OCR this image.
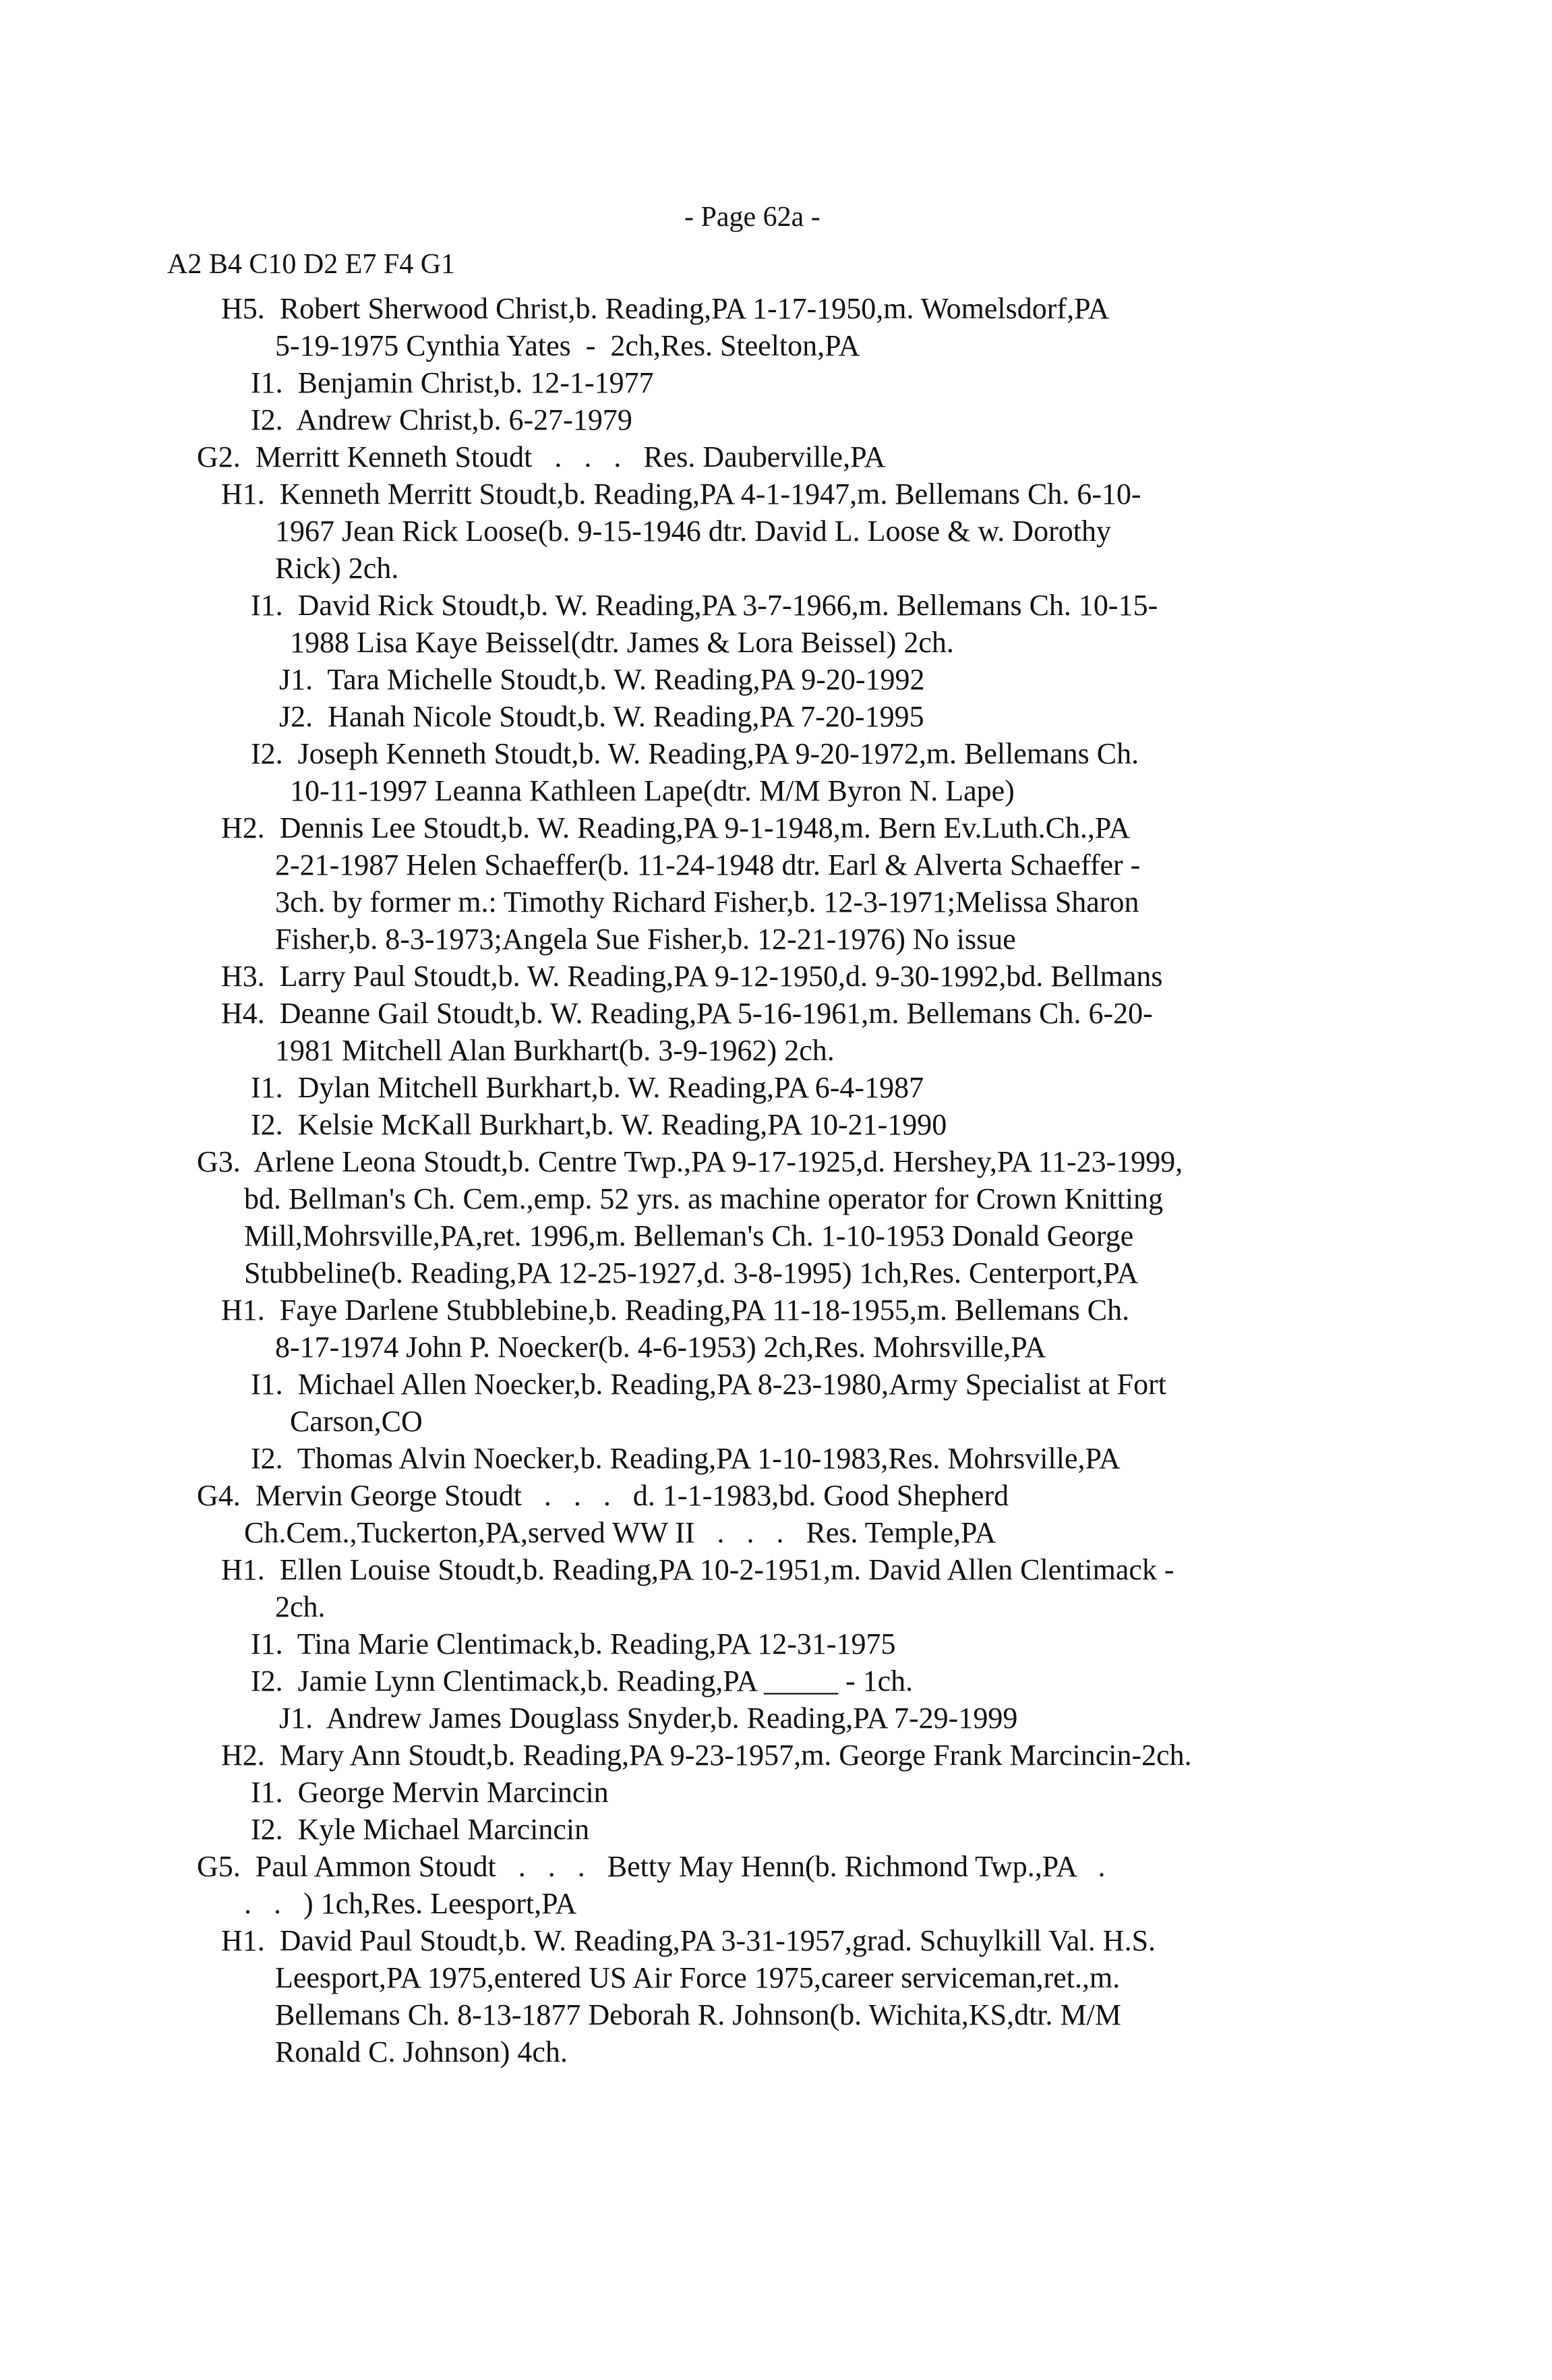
- Page 62a -
A2 B4 C10 D2 E7 F4 G1
H5.  Robert Sherwood Christ,b. Reading,PA 1-17-1950,m. Womelsdorf,PA
5-19-1975 Cynthia Yates  -  2ch,Res. Steelton,PA
I1.  Benjamin Christ,b. 12-1-1977
I2.  Andrew Christ,b. 6-27-1979
G2.  Merritt Kenneth Stoudt   .   .   .   Res. Dauberville,PA
H1.  Kenneth Merritt Stoudt,b. Reading,PA 4-1-1947,m. Bellemans Ch. 6-10-
1967 Jean Rick Loose(b. 9-15-1946 dtr. David L. Loose & w. Dorothy
Rick) 2ch.
I1.  David Rick Stoudt,b. W. Reading,PA 3-7-1966,m. Bellemans Ch. 10-15-
1988 Lisa Kaye Beissel(dtr. James & Lora Beissel) 2ch.
J1.  Tara Michelle Stoudt,b. W. Reading,PA 9-20-1992
J2.  Hanah Nicole Stoudt,b. W. Reading,PA 7-20-1995
I2.  Joseph Kenneth Stoudt,b. W. Reading,PA 9-20-1972,m. Bellemans Ch.
10-11-1997 Leanna Kathleen Lape(dtr. M/M Byron N. Lape)
H2.  Dennis Lee Stoudt,b. W. Reading,PA 9-1-1948,m. Bern Ev.Luth.Ch.,PA
2-21-1987 Helen Schaeffer(b. 11-24-1948 dtr. Earl & Alverta Schaeffer -
3ch. by former m.: Timothy Richard Fisher,b. 12-3-1971;Melissa Sharon
Fisher,b. 8-3-1973;Angela Sue Fisher,b. 12-21-1976) No issue
H3.  Larry Paul Stoudt,b. W. Reading,PA 9-12-1950,d. 9-30-1992,bd. Bellmans
H4.  Deanne Gail Stoudt,b. W. Reading,PA 5-16-1961,m. Bellemans Ch. 6-20-
1981 Mitchell Alan Burkhart(b. 3-9-1962) 2ch.
I1.  Dylan Mitchell Burkhart,b. W. Reading,PA 6-4-1987
I2.  Kelsie McKall Burkhart,b. W. Reading,PA 10-21-1990
G3.  Arlene Leona Stoudt,b. Centre Twp.,PA 9-17-1925,d. Hershey,PA 11-23-1999,
bd. Bellman's Ch. Cem.,emp. 52 yrs. as machine operator for Crown Knitting
Mill,Mohrsville,PA,ret. 1996,m. Belleman's Ch. 1-10-1953 Donald George
Stubbeline(b. Reading,PA 12-25-1927,d. 3-8-1995) 1ch,Res. Centerport,PA
H1.  Faye Darlene Stubblebine,b. Reading,PA 11-18-1955,m. Bellemans Ch.
8-17-1974 John P. Noecker(b. 4-6-1953) 2ch,Res. Mohrsville,PA
I1.  Michael Allen Noecker,b. Reading,PA 8-23-1980,Army Specialist at Fort
Carson,CO
I2.  Thomas Alvin Noecker,b. Reading,PA 1-10-1983,Res. Mohrsville,PA
G4.  Mervin George Stoudt   .   .   .   d. 1-1-1983,bd. Good Shepherd
Ch.Cem.,Tuckerton,PA,served WW II   .   .   .   Res. Temple,PA
H1.  Ellen Louise Stoudt,b. Reading,PA 10-2-1951,m. David Allen Clentimack -
2ch.
I1.  Tina Marie Clentimack,b. Reading,PA 12-31-1975
I2.  Jamie Lynn Clentimack,b. Reading,PA _____ - 1ch.
J1.  Andrew James Douglass Snyder,b. Reading,PA 7-29-1999
H2.  Mary Ann Stoudt,b. Reading,PA 9-23-1957,m. George Frank Marcincin-2ch.
I1.  George Mervin Marcincin
I2.  Kyle Michael Marcincin
G5.  Paul Ammon Stoudt   .   .   .   Betty May Henn(b. Richmond Twp.,PA   .
.   .   ) 1ch,Res. Leesport,PA
H1.  David Paul Stoudt,b. W. Reading,PA 3-31-1957,grad. Schuylkill Val. H.S.
Leesport,PA 1975,entered US Air Force 1975,career serviceman,ret.,m.
Bellemans Ch. 8-13-1877 Deborah R. Johnson(b. Wichita,KS,dtr. M/M
Ronald C. Johnson) 4ch.
